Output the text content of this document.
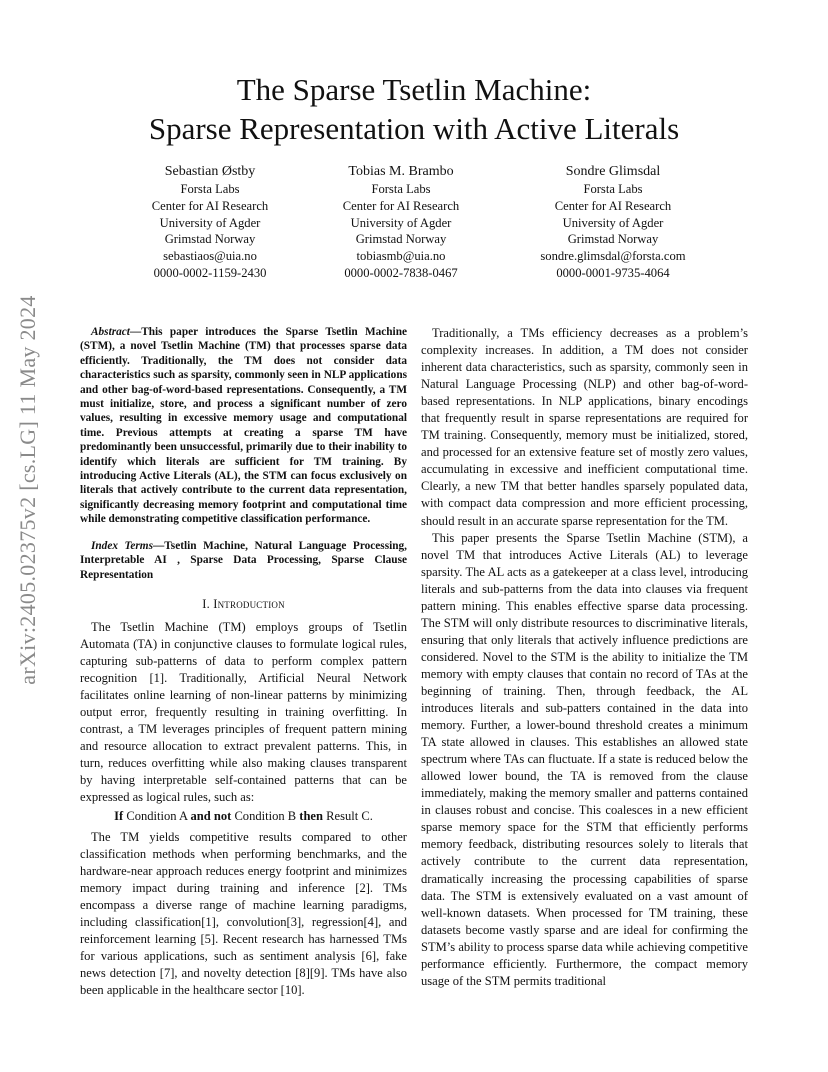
The Sparse Tsetlin Machine:
Sparse Representation with Active Literals
Sebastian Østby
Forsta Labs
Center for AI Research
University of Agder
Grimstad Norway
sebastiaos@uia.no
0000-0002-1159-2430
Tobias M. Brambo
Forsta Labs
Center for AI Research
University of Agder
Grimstad Norway
tobiasmb@uia.no
0000-0002-7838-0467
Sondre Glimsdal
Forsta Labs
Center for AI Research
University of Agder
Grimstad Norway
sondre.glimsdal@forsta.com
0000-0001-9735-4064
arXiv:2405.02375v2 [cs.LG] 11 May 2024	Abstract—This paper introduces the Sparse Tsetlin Machine (STM), a novel Tsetlin Machine (TM) that processes sparse data efficiently. Traditionally, the TM does not consider data characteristics such as sparsity, commonly seen in NLP applications and other bag-of-word-based representations. Consequently, a TM must initialize, store, and process a significant number of zero values, resulting in excessive memory usage and computational time. Previous attempts at creating a sparse TM have predominantly been unsuccessful, primarily due to their inability to identify which literals are sufficient for TM training. By introducing Active Literals (AL), the STM can focus exclusively on literals that actively contribute to the current data representation, significantly decreasing memory footprint and computational time while demonstrating competitive classification performance.

Index Terms—Tsetlin Machine, Natural Language Processing, Interpretable AI , Sparse Data Processing, Sparse Clause Representation

I. Introduction

The Tsetlin Machine (TM) employs groups of Tsetlin Automata (TA) in conjunctive clauses to formulate logical rules, capturing sub-patterns of data to perform complex pattern recognition [1]. Traditionally, Artificial Neural Network facilitates online learning of non-linear patterns by minimizing output error, frequently resulting in training overfitting. In contrast, a TM leverages principles of frequent pattern mining and resource allocation to extract prevalent patterns. This, in turn, reduces overfitting while also making clauses transparent by having interpretable self-contained patterns that can be expressed as logical rules, such as:

If Condition A and not Condition B then Result C.

The TM yields competitive results compared to other classification methods when performing benchmarks, and the hardware-near approach reduces energy footprint and minimizes memory impact during training and inference [2]. TMs encompass a diverse range of machine learning paradigms, including classification[1], convolution[3], regression[4], and reinforcement learning [5]. Recent research has harnessed TMs for various applications, such as sentiment analysis [6], fake news detection [7], and novelty detection [8][9]. TMs have also been applicable in the healthcare sector [10].

Traditionally, a TMs efficiency decreases as a problem’s complexity increases. In addition, a TM does not consider inherent data characteristics, such as sparsity, commonly seen in Natural Language Processing (NLP) and other bag-of-word-based representations. In NLP applications, binary encodings that frequently result in sparse representations are required for TM training. Consequently, memory must be initialized, stored, and processed for an extensive feature set of mostly zero values, accumulating in excessive and inefficient computational time. Clearly, a new TM that better handles sparsely populated data, with compact data compression and more efficient processing, should result in an accurate sparse representation for the TM.

This paper presents the Sparse Tsetlin Machine (STM), a novel TM that introduces Active Literals (AL) to leverage sparsity. The AL acts as a gatekeeper at a class level, introducing literals and sub-patterns from the data into clauses via frequent pattern mining. This enables effective sparse data processing. The STM will only distribute resources to discriminative literals, ensuring that only literals that actively influence predictions are considered. Novel to the STM is the ability to initialize the TM memory with empty clauses that contain no record of TAs at the beginning of training. Then, through feedback, the AL introduces literals and sub-patters contained in the data into memory. Further, a lower-bound threshold creates a minimum TA state allowed in clauses. This establishes an allowed state spectrum where TAs can fluctuate. If a state is reduced below the allowed lower bound, the TA is removed from the clause immediately, making the memory smaller and patterns contained in clauses robust and concise. This coalesces in a new efficient sparse memory space for the STM that efficiently performs memory feedback, distributing resources solely to literals that actively contribute to the current data representation, dramatically increasing the processing capabilities of sparse data. The STM is extensively evaluated on a vast amount of well-known datasets. When processed for TM training, these datasets become vastly sparse and are ideal for confirming the STM’s ability to process sparse data while achieving competitive performance efficiently. Furthermore, the compact memory usage of the STM permits traditional
